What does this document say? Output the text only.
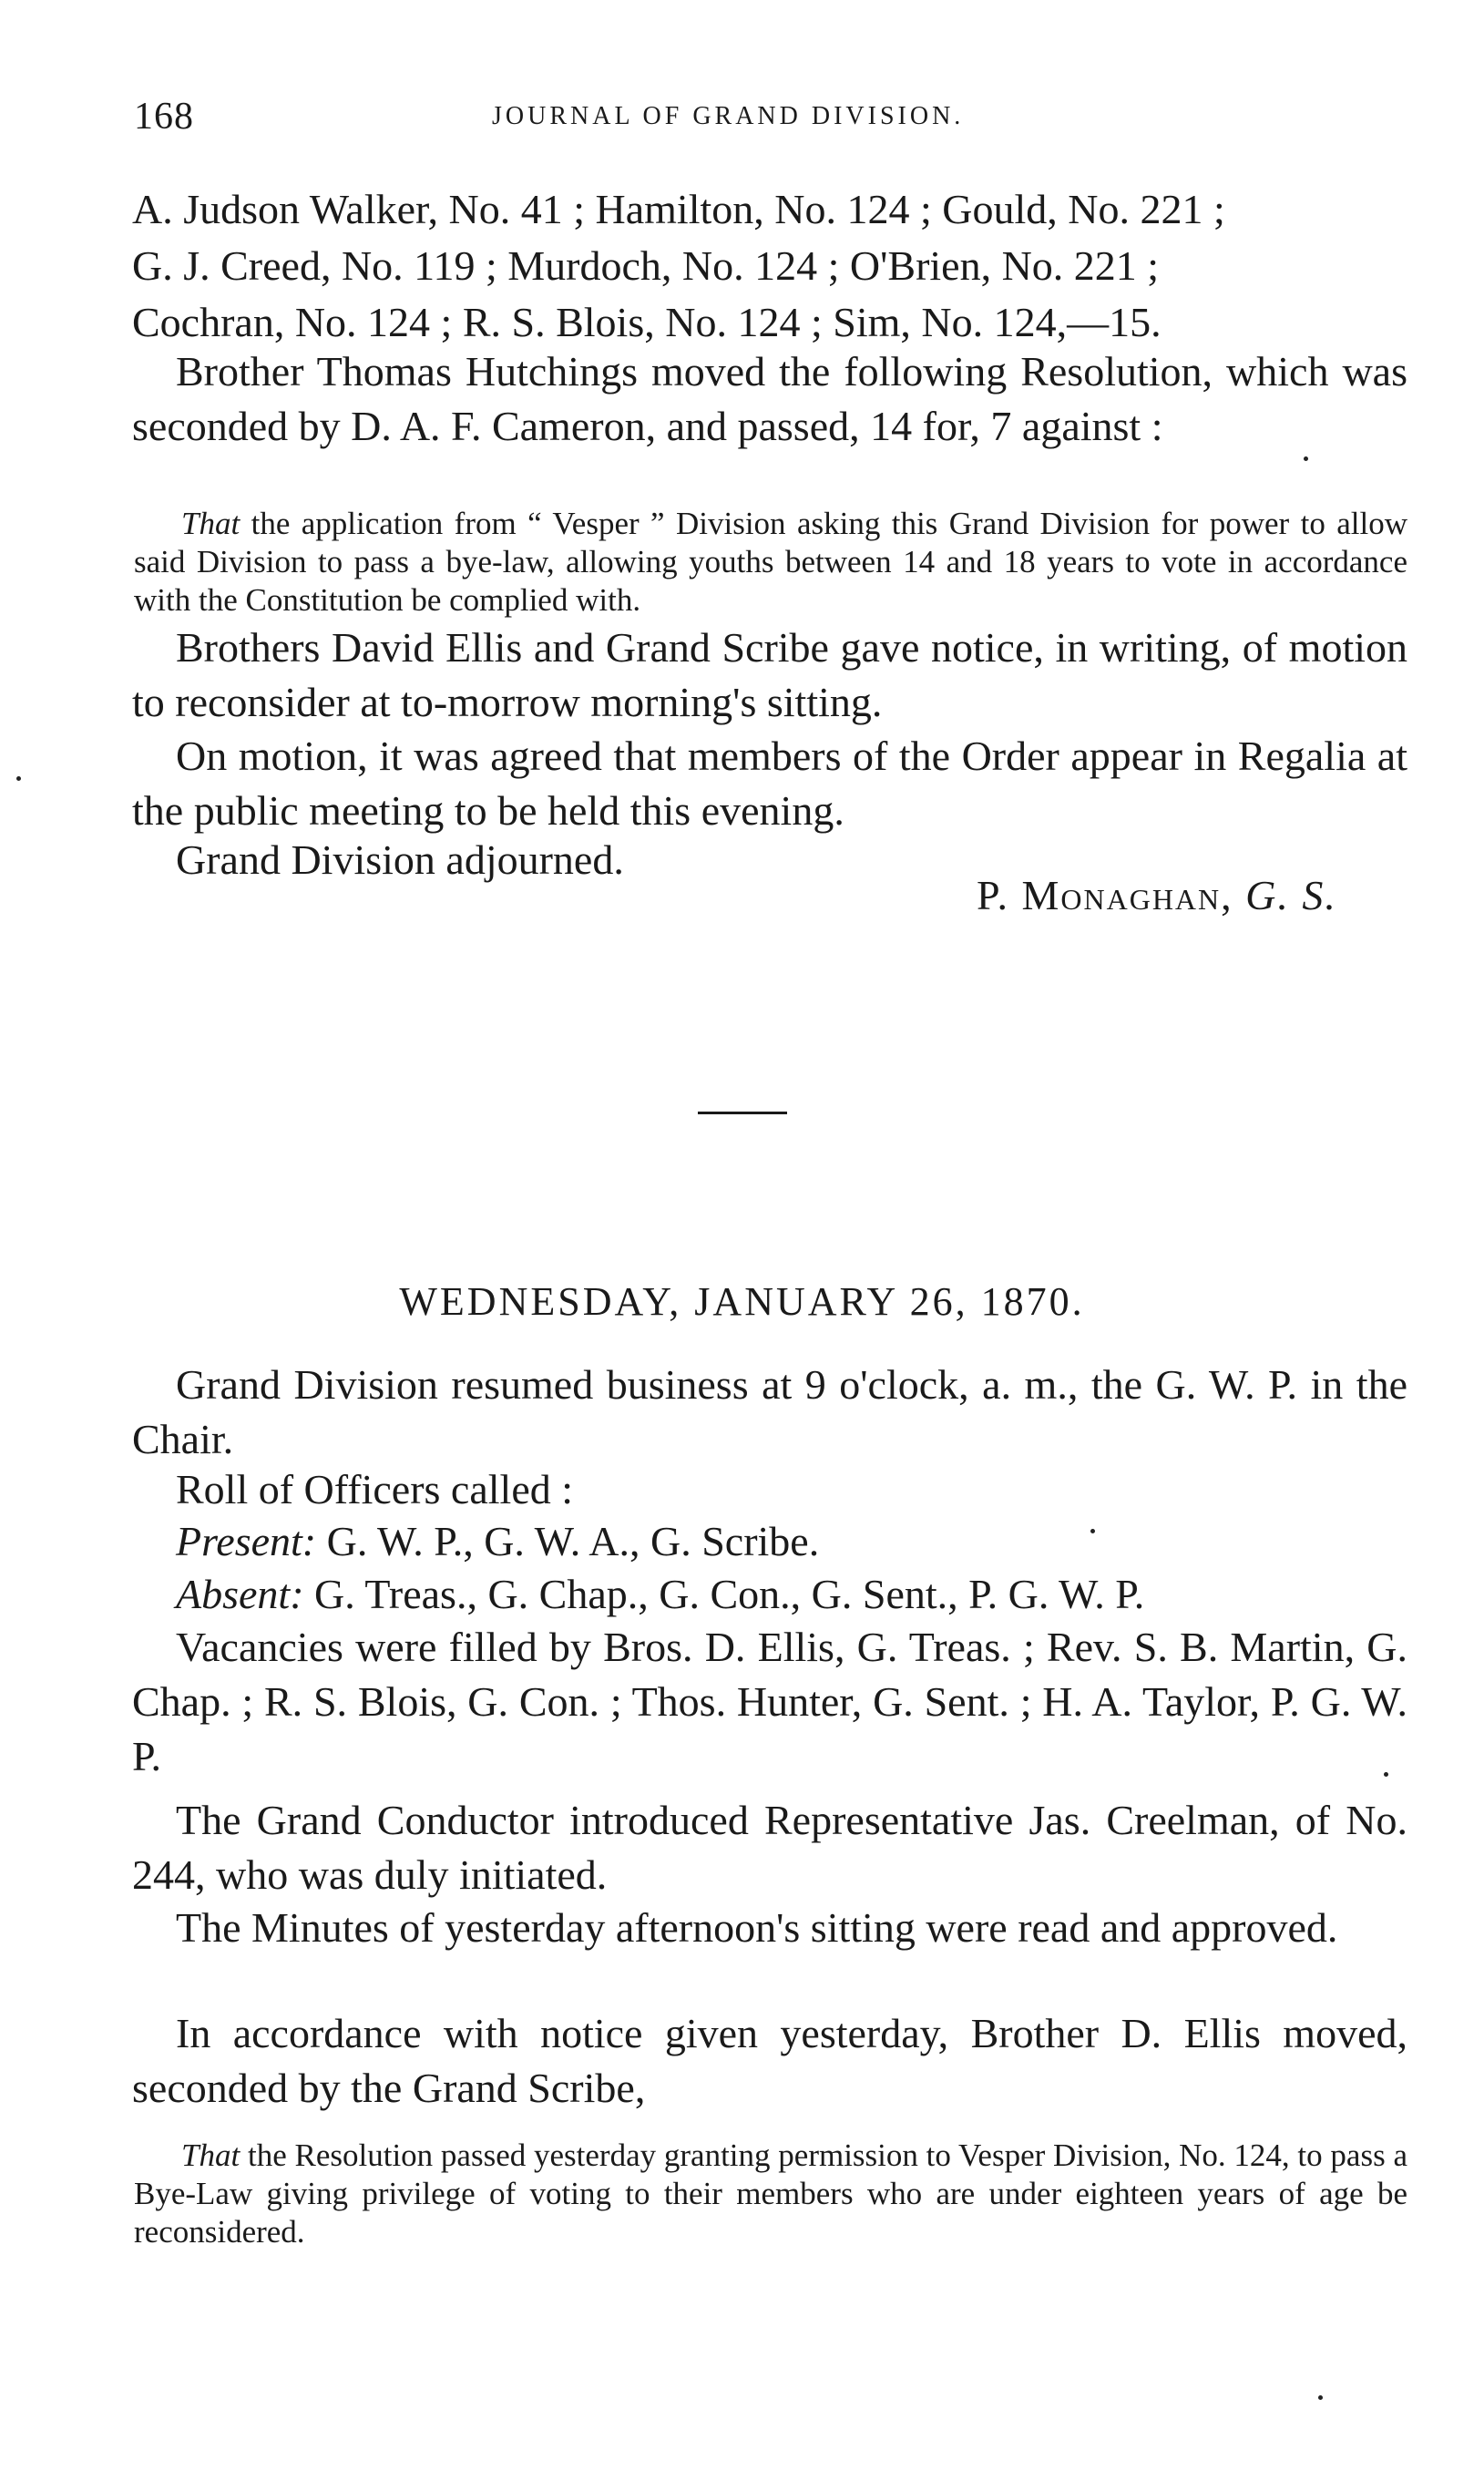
168	JOURNAL OF GRAND DIVISION.
A. Judson Walker, No. 41 ; Hamilton, No. 124 ; Gould, No. 221 ;
G. J. Creed, No. 119 ; Murdoch, No. 124 ; O'Brien, No. 221 ;
Cochran, No. 124 ; R. S. Blois, No. 124 ; Sim, No. 124,—15.

Brother Thomas Hutchings moved the following Resolution, which was seconded by D. A. F. Cameron, and passed, 14 for, 7 against :

That the application from “ Vesper ” Division asking this Grand Division for power to allow said Division to pass a bye-law, allowing youths between 14 and 18 years to vote in accordance with the Constitution be complied with.

Brothers David Ellis and Grand Scribe gave notice, in writing, of motion to reconsider at to-morrow morning's sitting.

On motion, it was agreed that members of the Order appear in Regalia at the public meeting to be held this evening.

Grand Division adjourned.
P. Monaghan, G. S.
WEDNESDAY, JANUARY 26, 1870.

Grand Division resumed business at 9 o'clock, a. m., the G. W. P. in the Chair.

Roll of Officers called :
Present: G. W. P., G. W. A., G. Scribe.
Absent: G. Treas., G. Chap., G. Con., G. Sent., P. G. W. P.

Vacancies were filled by Bros. D. Ellis, G. Treas. ; Rev. S. B. Martin, G. Chap. ; R. S. Blois, G. Con. ; Thos. Hunter, G. Sent. ; H. A. Taylor, P. G. W. P.

The Grand Conductor introduced Representative Jas. Creelman, of No. 244, who was duly initiated.

The Minutes of yesterday afternoon's sitting were read and approved.

In accordance with notice given yesterday, Brother D. Ellis moved, seconded by the Grand Scribe,

That the Resolution passed yesterday granting permission to Vesper Division, No. 124, to pass a Bye-Law giving privilege of voting to their members who are under eighteen years of age be reconsidered.
